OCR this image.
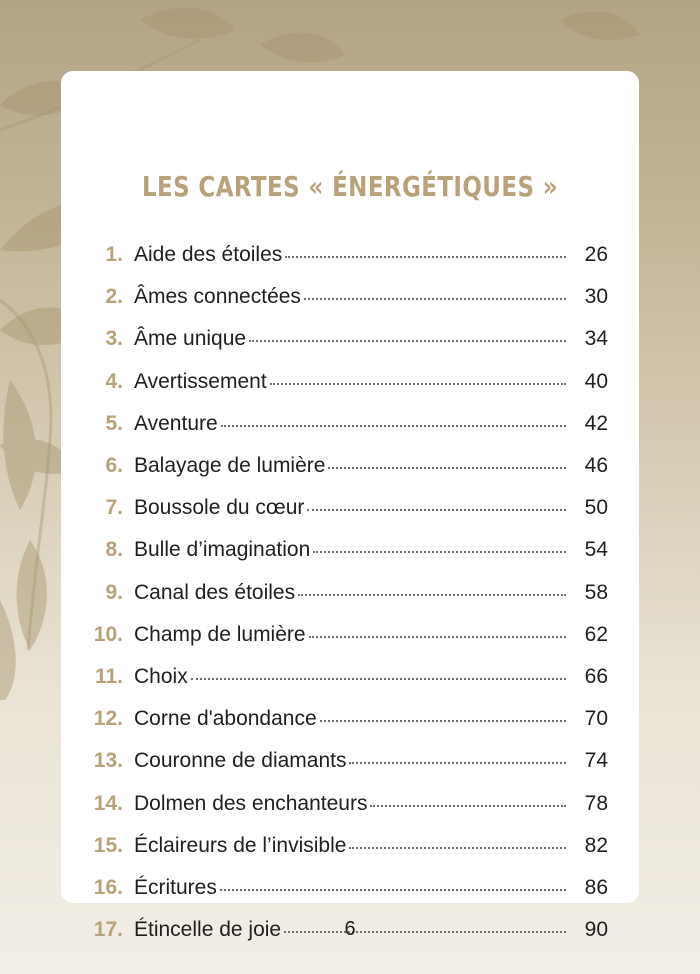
LES CARTES « ÉNERGÉTIQUES »
1. Aide des étoiles	26
2. Âmes connectées	30
3. Âme unique	34
4. Avertissement	40
5. Aventure	42
6. Balayage de lumière	46
7. Boussole du cœur	50
8. Bulle d’imagination	54
9. Canal des étoiles	58
10. Champ de lumière	62
11. Choix	66
12. Corne d'abondance	70
13. Couronne de diamants	74
14. Dolmen des enchanteurs	78
15. Éclaireurs de l’invisible	82
16. Écritures	86
17. Étincelle de joie	90
6
